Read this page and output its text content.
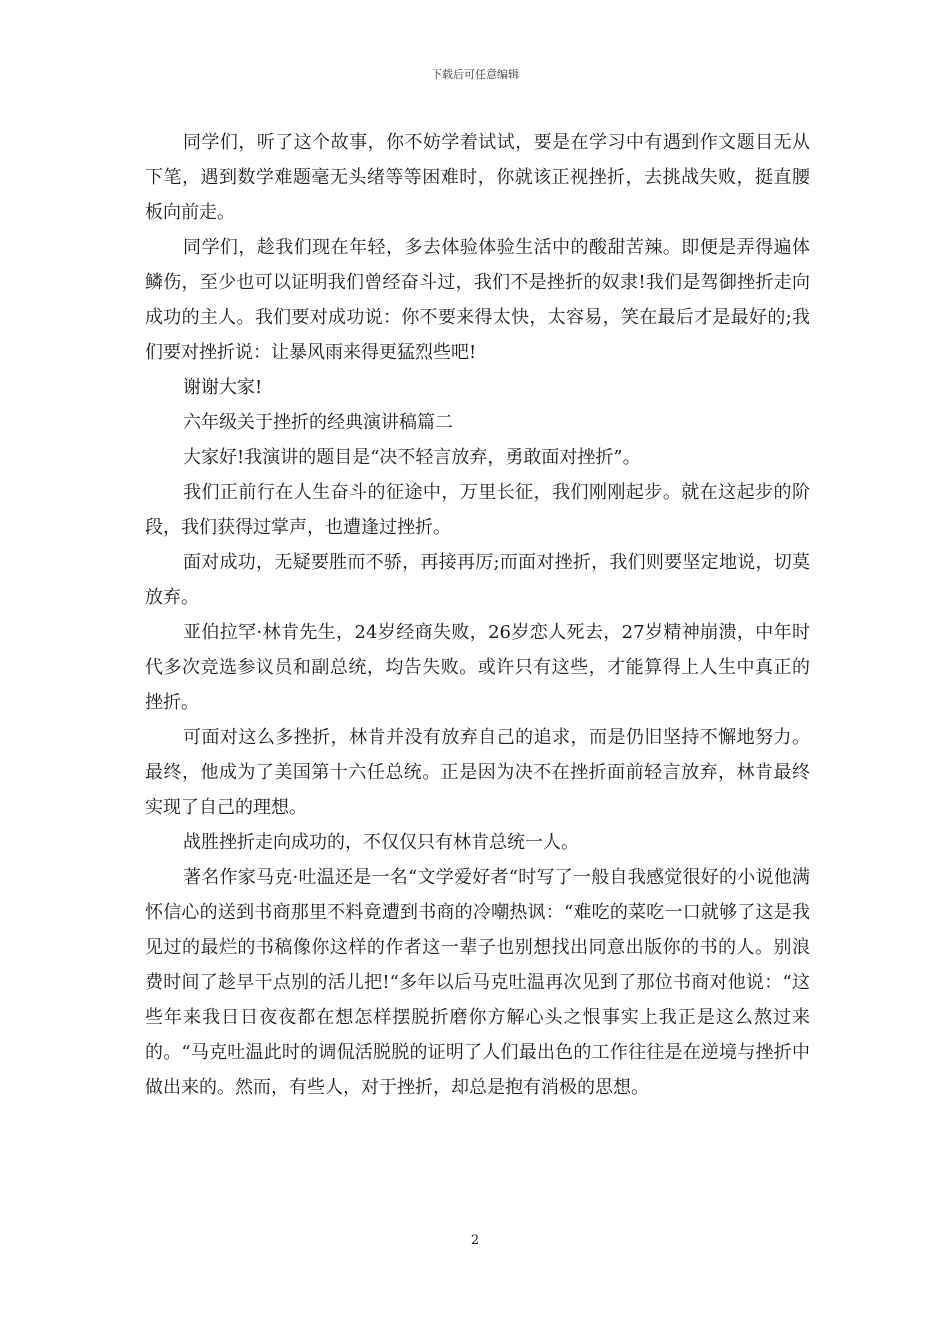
下载后可任意编辑

同学们，听了这个故事，你不妨学着试试，要是在学习中有遇到作文题目无从下笔，遇到数学难题毫无头绪等等困难时，你就该正视挫折，去挑战失败，挺直腰板向前走。

同学们，趁我们现在年轻，多去体验体验生活中的酸甜苦辣。即便是弄得遍体鳞伤，至少也可以证明我们曾经奋斗过，我们不是挫折的奴隶!我们是驾御挫折走向成功的主人。我们要对成功说：你不要来得太快，太容易，笑在最后才是最好的;我们要对挫折说：让暴风雨来得更猛烈些吧!

谢谢大家!

六年级关于挫折的经典演讲稿篇二

大家好!我演讲的题目是“决不轻言放弃，勇敢面对挫折”。

我们正前行在人生奋斗的征途中，万里长征，我们刚刚起步。就在这起步的阶段，我们获得过掌声，也遭逢过挫折。

面对成功，无疑要胜而不骄，再接再厉;而面对挫折，我们则要坚定地说，切莫放弃。

亚伯拉罕·林肯先生，24岁经商失败，26岁恋人死去，27岁精神崩溃，中年时代多次竞选参议员和副总统，均告失败。或许只有这些，才能算得上人生中真正的挫折。

可面对这么多挫折，林肯并没有放弃自己的追求，而是仍旧坚持不懈地努力。最终，他成为了美国第十六任总统。正是因为决不在挫折面前轻言放弃，林肯最终实现了自己的理想。

战胜挫折走向成功的，不仅仅只有林肯总统一人。

著名作家马克·吐温还是一名“文学爱好者“时写了一般自我感觉很好的小说他满怀信心的送到书商那里不料竟遭到书商的冷嘲热讽：“难吃的菜吃一口就够了这是我见过的最烂的书稿像你这样的作者这一辈子也别想找出同意出版你的书的人。别浪费时间了趁早干点别的活儿把!“多年以后马克吐温再次见到了那位书商对他说：“这些年来我日日夜夜都在想怎样摆脱折磨你方解心头之恨事实上我正是这么熬过来的。“马克吐温此时的调侃活脱脱的证明了人们最出色的工作往往是在逆境与挫折中做出来的。然而，有些人，对于挫折，却总是抱有消极的思想。

2
